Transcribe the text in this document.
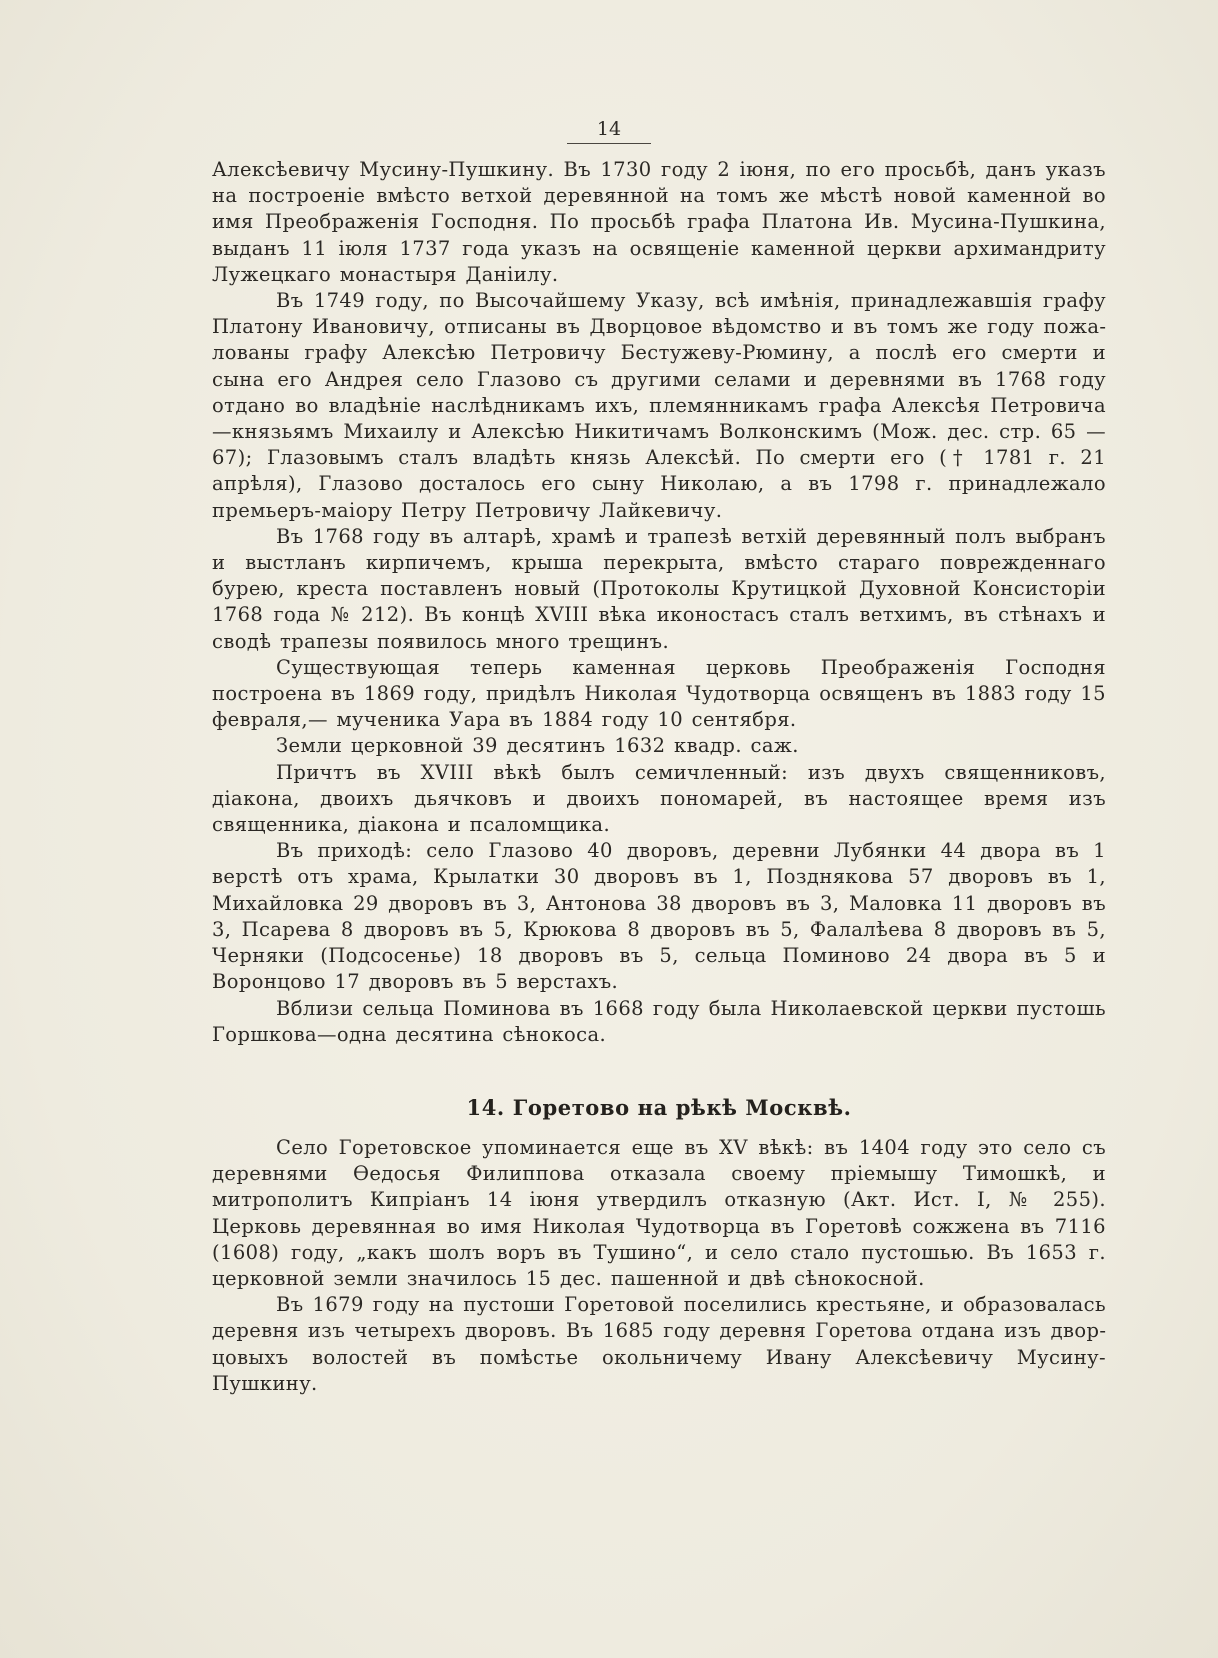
14

Алексѣевичу Мусину-Пушкину. Въ 1730 году 2 іюня, по его просьбѣ, данъ указъ на построеніе вмѣсто ветхой деревянной на томъ же мѣстѣ новой каменной во имя Преображенія Господня. По просьбѣ графа Платона Ив. Мусина-Пушкина, выданъ 11 іюля 1737 года указъ на освященіе каменной церкви архимандриту Лужецкаго монастыря Даніилу.

Въ 1749 году, по Высочайшему Указу, всѣ имѣнія, принадлежавшія графу Платону Ивановичу, отписаны въ Дворцовое вѣдомство и въ томъ же году пожалованы графу Алексѣю Петровичу Бестужеву-Рюмину, а послѣ его смерти и сына его Андрея село Глазово съ другими селами и деревнями въ 1768 году отдано во владѣніе наслѣдникамъ ихъ, племянникамъ графа Алексѣя Петровича—князьямъ Михаилу и Алексѣю Никитичамъ Волконскимъ (Мож. дес. стр. 65 — 67); Глазовымъ сталъ владѣть князь Алексѣй. По смерти его († 1781 г. 21 апрѣля), Глазово досталось его сыну Николаю, а въ 1798 г. принадлежало премьеръ-маіору Петру Петровичу Лайкевичу.

Въ 1768 году въ алтарѣ, храмѣ и трапезѣ ветхій деревянный полъ выбранъ и выстланъ кирпичемъ, крыша перекрыта, вмѣсто стараго поврежденнаго бурею, креста поставленъ новый (Протоколы Крутицкой Духовной Консисторіи 1768 года № 212). Въ концѣ XVIII вѣка иконостасъ сталъ ветхимъ, въ стѣнахъ и сводѣ трапезы появилось много трещинъ.

Существующая теперь каменная церковь Преображенія Господня построена въ 1869 году, придѣлъ Николая Чудотворца освященъ въ 1883 году 15 февраля,— мученика Уара въ 1884 году 10 сентября.

Земли церковной 39 десятинъ 1632 квадр. саж.

Причтъ въ XVIII вѣкѣ былъ семичленный: изъ двухъ священниковъ, діакона, двоихъ дьячковъ и двоихъ пономарей, въ настоящее время изъ священника, діакона и псаломщика.

Въ приходѣ: село Глазово 40 дворовъ, деревни Лубянки 44 двора въ 1 верстѣ отъ храма, Крылатки 30 дворовъ въ 1, Позднякова 57 дворовъ въ 1, Михайловка 29 дворовъ въ 3, Антонова 38 дворовъ въ 3, Маловка 11 дворовъ въ 3, Псарева 8 дворовъ въ 5, Крюкова 8 дворовъ въ 5, Фалалѣева 8 дворовъ въ 5, Черняки (Подсосенье) 18 дворовъ въ 5, сельца Поминово 24 двора въ 5 и Воронцово 17 дворовъ въ 5 верстахъ.

Вблизи сельца Поминова въ 1668 году была Николаевской церкви пустошь Горшкова—одна десятина сѣнокоса.

14. Горетово на рѣкѣ Москвѣ.

Село Горетовское упоминается еще въ XV вѣкѣ: въ 1404 году это село съ деревнями Ѳедосья Филиппова отказала своему пріемышу Тимошкѣ, и митрополитъ Кипріанъ 14 іюня утвердилъ отказную (Акт. Ист. I, № 255). Церковь деревянная во имя Николая Чудотворца въ Горетовѣ сожжена въ 7116 (1608) году, „какъ шолъ воръ въ Тушино“, и село стало пустошью. Въ 1653 г. церковной земли значилось 15 дес. пашенной и двѣ сѣнокосной.

Въ 1679 году на пустоши Горетовой поселились крестьяне, и образовалась деревня изъ четырехъ дворовъ. Въ 1685 году деревня Горетова отдана изъ дворцовыхъ волостей въ помѣстье окольничему Ивану Алексѣевичу Мусину-Пушкину.
